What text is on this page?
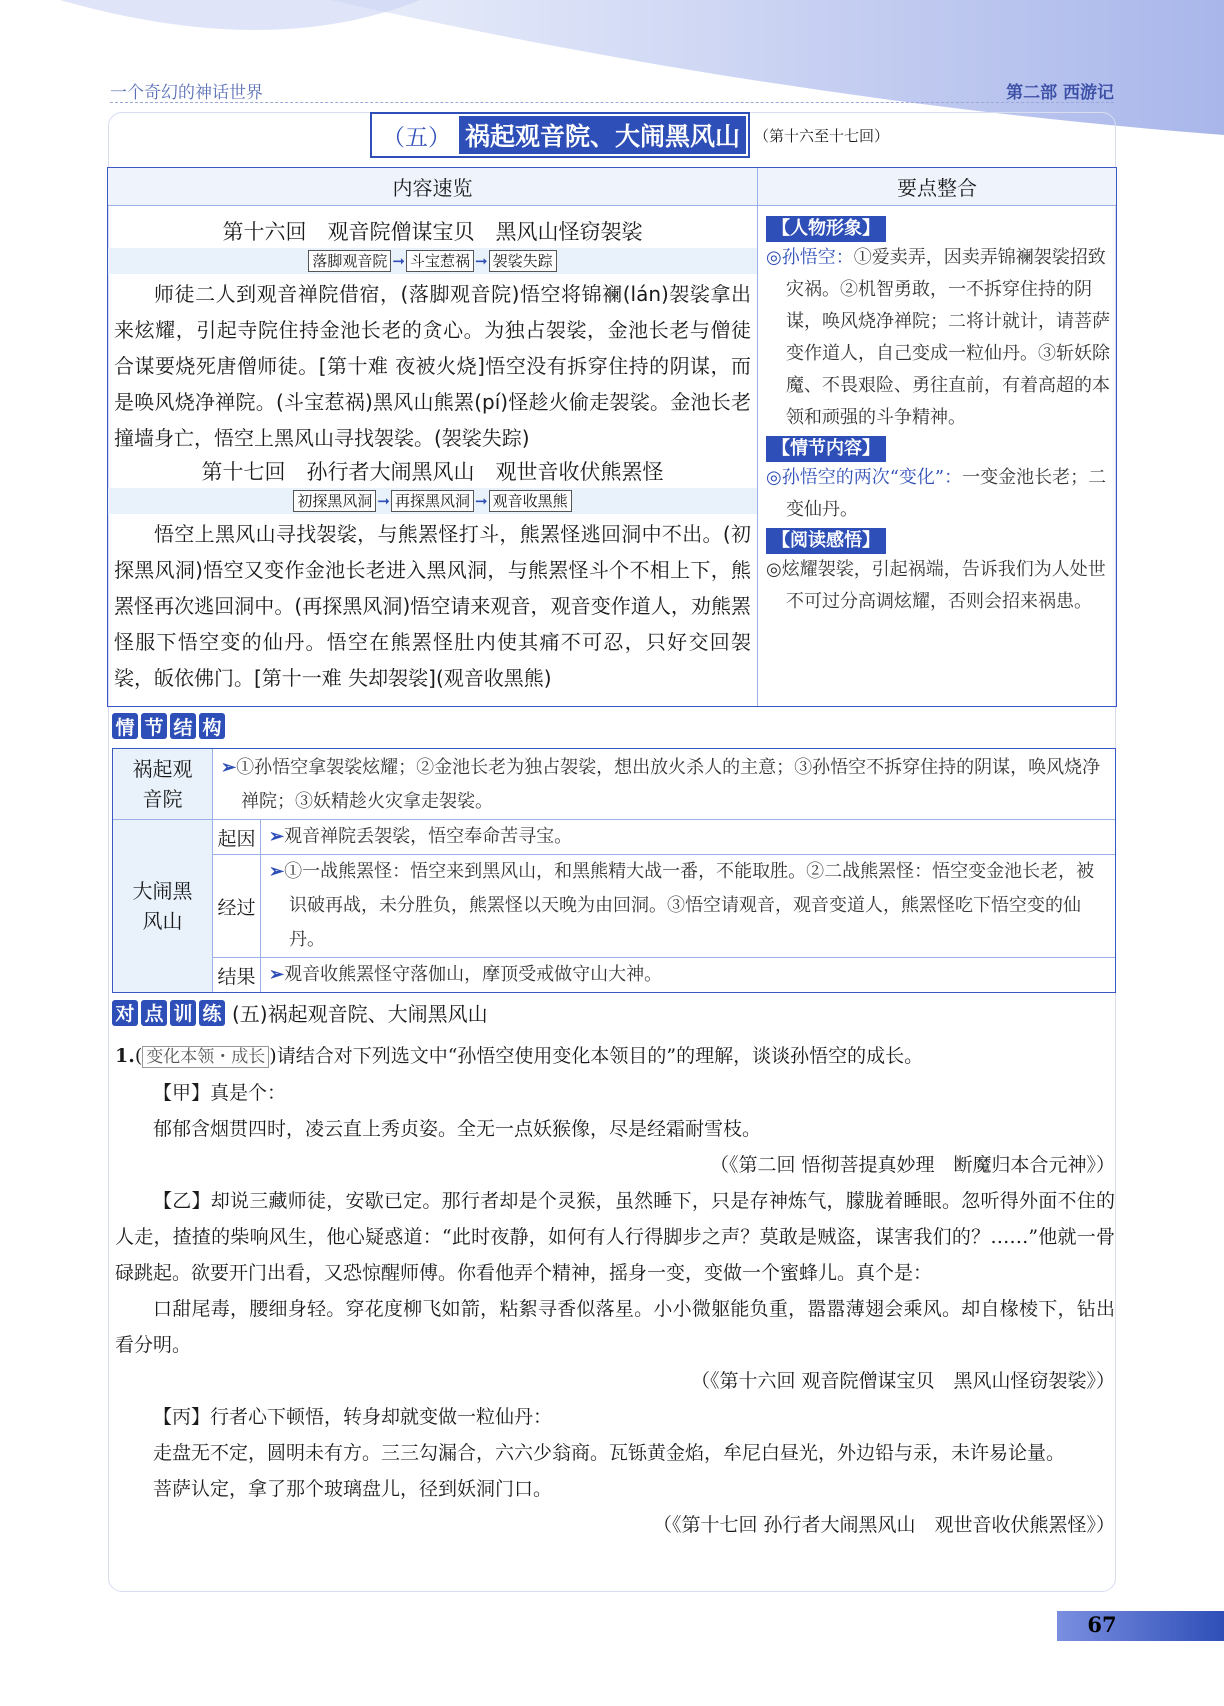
一个奇幻的神话世界	第二部 西游记
（五） 祸起观音院、大闹黑风山 （第十六至十七回）
内容速览	要点整合
第十六回　观音院僧谋宝贝　黑风山怪窃袈裟
落脚观音院 ➞ 斗宝惹祸 ➞ 袈裟失踪

师徒二人到观音禅院借宿，(落脚观音院)悟空将锦襕(lán)袈裟拿出来炫耀，引起寺院住持金池长老的贪心。为独占袈裟，金池长老与僧徒合谋要烧死唐僧师徒。[第十难 夜被火烧]悟空没有拆穿住持的阴谋，而是唤风烧净禅院。(斗宝惹祸)黑风山熊罴(pí)怪趁火偷走袈裟。金池长老撞墙身亡，悟空上黑风山寻找袈裟。(袈裟失踪)

第十七回　孙行者大闹黑风山　观世音收伏熊罴怪
初探黑风洞 ➞ 再探黑风洞 ➞ 观音收黑熊

悟空上黑风山寻找袈裟，与熊罴怪打斗，熊罴怪逃回洞中不出。(初探黑风洞)悟空又变作金池长老进入黑风洞，与熊罴怪斗个不相上下，熊罴怪再次逃回洞中。(再探黑风洞)悟空请来观音，观音变作道人，劝熊罴怪服下悟空变的仙丹。悟空在熊罴怪肚内使其痛不可忍，只好交回袈裟，皈依佛门。[第十一难 失却袈裟](观音收黑熊)

【人物形象】

◎孙悟空：①爱卖弄，因卖弄锦襕袈裟招致灾祸。②机智勇敢，一不拆穿住持的阴谋，唤风烧净禅院；二将计就计，请菩萨变作道人，自己变成一粒仙丹。③斩妖除魔、不畏艰险、勇往直前，有着高超的本领和顽强的斗争精神。

【情节内容】

◎孙悟空的两次“变化”：一变金池长老；二变仙丹。

【阅读感悟】

◎炫耀袈裟，引起祸端，告诉我们为人处世不可过分高调炫耀，否则会招来祸患。

情 节 结 构
祸起观音院
➢①孙悟空拿袈裟炫耀；②金池长老为独占袈裟，想出放火杀人的主意；③孙悟空不拆穿住持的阴谋，唤风烧净禅院；③妖精趁火灾拿走袈裟。
大闹黑风山
起因 ➢观音禅院丢袈裟，悟空奉命苦寻宝。
经过
➢①一战熊罴怪：悟空来到黑风山，和黑熊精大战一番，不能取胜。②二战熊罴怪：悟空变金池长老，被识破再战，未分胜负，熊罴怪以天晚为由回洞。③悟空请观音，观音变道人，熊罴怪吃下悟空变的仙丹。
结果 ➢观音收熊罴怪守落伽山，摩顶受戒做守山大神。
对 点 训 练 (五)祸起观音院、大闹黑风山

1.( 变化本领・成长 )请结合对下列选文中“孙悟空使用变化本领目的”的理解，谈谈孙悟空的成长。

【甲】真是个：

郁郁含烟贯四时，凌云直上秀贞姿。全无一点妖猴像，尽是经霜耐雪枝。

（《第二回 悟彻菩提真妙理　断魔归本合元神》）

【乙】却说三藏师徒，安歇已定。那行者却是个灵猴，虽然睡下，只是存神炼气，朦胧着睡眼。忽听得外面不住的人走，揸揸的柴响风生，他心疑惑道：“此时夜静，如何有人行得脚步之声？莫敢是贼盗，谋害我们的？……”他就一骨碌跳起。欲要开门出看，又恐惊醒师傅。你看他弄个精神，摇身一变，变做一个蜜蜂儿。真个是：

口甜尾毒，腰细身轻。穿花度柳飞如箭，粘絮寻香似落星。小小微躯能负重，嚣嚣薄翅会乘风。却自椽棱下，钻出看分明。

（《第十六回 观音院僧谋宝贝　黑风山怪窃袈裟》）

【丙】行者心下顿悟，转身却就变做一粒仙丹：

走盘无不定，圆明未有方。三三勾漏合，六六少翁商。瓦铄黄金焰，牟尼白昼光，外边铅与汞，未许易论量。

菩萨认定，拿了那个玻璃盘儿，径到妖洞门口。

（《第十七回 孙行者大闹黑风山　观世音收伏熊罴怪》）

67
